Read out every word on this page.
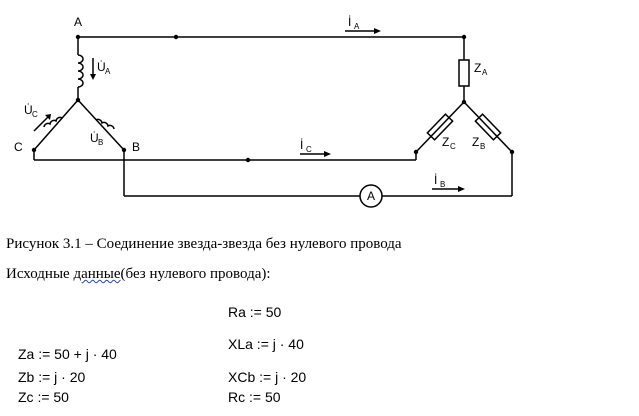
A
C	B
U̇ A
U̇ C
U̇ B
İ A
İ C
İ B
Z A
Z C Z B
A
Рисунок 3.1 – Соединение звезда-звезда без нулевого провода
Исходные данные(без нулевого провода):
Ra := 50
XLa := j · 40
Za := 50 + j · 40
Zb := j · 20	XCb := j · 20
Zc := 50	Rc := 50
